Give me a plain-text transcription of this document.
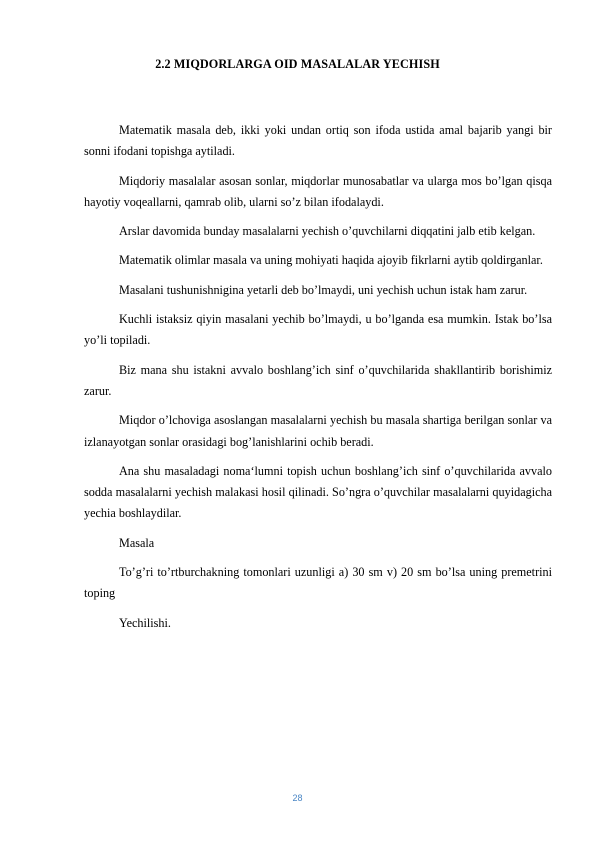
2.2 MIQDORLARGA OID MASALALAR YECHISH

Matematik masala deb, ikki yoki undan ortiq son ifoda ustida amal bajarib yangi bir sonni ifodani topishga aytiladi.

Miqdoriy masalalar asosan sonlar, miqdorlar munosabatlar va ularga mos bo’lgan qisqa hayotiy voqeallarni, qamrab olib, ularni so’z bilan ifodalaydi.

Arslar davomida bunday masalalarni yechish o’quvchilarni diqqatini jalb etib kelgan.

Matematik olimlar masala va uning mohiyati haqida ajoyib fikrlarni aytib qoldirganlar.

Masalani tushunishnigina yetarli deb bo’lmaydi, uni yechish uchun istak ham zarur.

Kuchli istaksiz qiyin masalani yechib bo’lmaydi, u bo’lganda esa mumkin. Istak bo’lsa yo’li topiladi.

Biz mana shu istakni avvalo boshlang’ich sinf o’quvchilarida shakllantirib borishimiz zarur.

Miqdor o’lchoviga asoslangan masalalarni yechish bu masala shartiga berilgan sonlar va izlanayotgan sonlar orasidagi bog’lanishlarini ochib beradi.

Ana shu masaladagi noma‘lumni topish uchun boshlang’ich sinf o’quvchilarida avvalo sodda masalalarni yechish malakasi hosil qilinadi. So’ngra o’quvchilar masalalarni quyidagicha yechia boshlaydilar.

Masala

To’g’ri to’rtburchakning tomonlari uzunligi a) 30 sm v) 20 sm bo’lsa uning premetrini toping

Yechilishi.

28
